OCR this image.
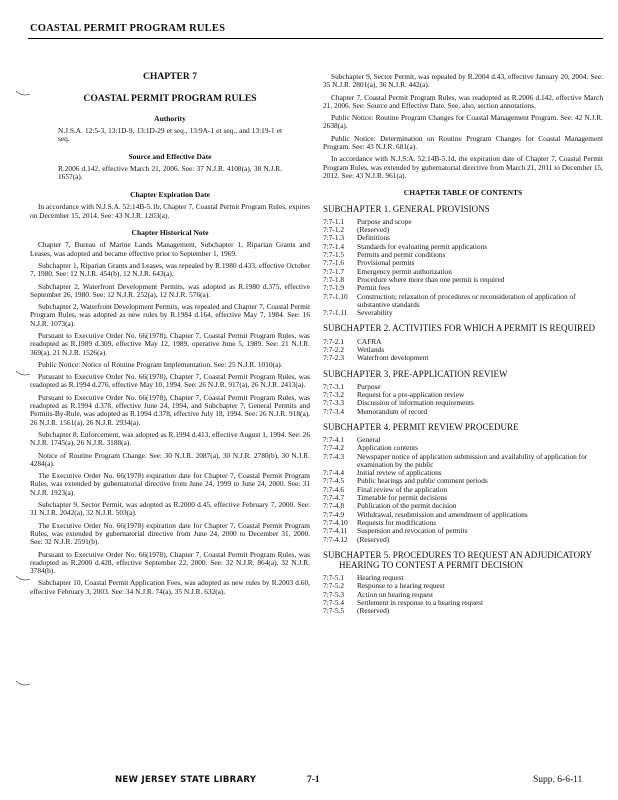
COASTAL PERMIT PROGRAM RULES
CHAPTER 7
COASTAL PERMIT PROGRAM RULES
Authority

N.J.S.A. 12:5-3, 13:1D-9, 13:1D-29 et seq., 13:9A-1 et seq., and 13:19-1 et seq.

Source and Effective Date

R.2006 d.142, effective March 21, 2006. See: 37 N.J.R. 4108(a), 38 N.J.R. 1657(a).

Chapter Expiration Date

In accordance with N.J.S.A. 52:14B-5.1b, Chapter 7, Coastal Permit Program Rules, expires on December 15, 2014. See: 43 N.J.R. 1203(a).

Chapter Historical Note

Chapter 7, Bureau of Marine Lands Management, Subchapter 1, Riparian Grants and Leases, was adopted and became effective prior to September 1, 1969.

Subchapter 1, Riparian Grants and Leases, was repealed by R.1980 d.433, effective October 7, 1980. See: 12 N.J.R. 454(b), 12 N.J.R. 643(a).

Subchapter 2, Waterfront Development Permits, was adopted as R.1980 d.375, effective September 26, 1980. See: 12 N.J.R. 252(a), 12 N.J.R. 576(a).

Subchapter 2, Waterfront Development Permits, was repealed and Chapter 7, Coastal Permit Program Rules, was adopted as new rules by R.1984 d.164, effective May 7, 1984. See: 16 N.J.R. 1073(a).

Pursuant to Executive Order No. 66(1978), Chapter 7, Coastal Permit Program Rules, was readopted as R.1989 d.309, effective May 12, 1989, operative June 5, 1989. See: 21 N.J.R. 369(a), 21 N.J.R. 1526(a).

Public Notice: Notice of Routine Program Implementation. See: 25 N.J.R. 1010(a).

Pursuant to Executive Order No. 66(1978), Chapter 7, Coastal Permit Program Rules, was readopted as R.1994 d.276, effective May 10, 1994. See: 26 N.J.R. 917(a), 26 N.J.R. 2413(a).

Pursuant to Executive Order No. 66(1978), Chapter 7, Coastal Permit Program Rules, was readopted as R.1994 d.378, effective June 24, 1994, and Subchapter 7, General Permits and Permits-By-Rule, was adopted as R.1994 d.378, effective July 18, 1994. See: 26 N.J.R. 918(a), 26 N.J.R. 1561(a), 26 N.J.R. 2934(a).

Subchapter 8, Enforcement, was adopted as R.1994 d.413, effective August 1, 1994. See: 26 N.J.R. 1745(a), 26 N.J.R. 3188(a).

Notice of Routine Program Change. See: 30 N.J.R. 2087(a), 30 N.J.R. 2780(b), 30 N.J.R. 4284(a).

The Executive Order No. 66(1978) expiration date for Chapter 7, Coastal Permit Program Rules, was extended by gubernatorial directive from June 24, 1999 to June 24, 2000. See: 31 N.J.R. 1923(a).

Subchapter 9, Sector Permit, was adopted as R.2000 d.45, effective February 7, 2000. See: 31 N.J.R. 2042(a), 32 N.J.R. 503(a).

The Executive Order No. 66(1978) expiration date for Chapter 7, Coastal Permit Program Rules, was extended by gubernatorial directive from June 24, 2000 to December 31, 2000. See: 32 N.J.R. 2591(b).

Pursuant to Executive Order No. 66(1978), Chapter 7, Coastal Permit Program Rules, was readopted as R.2000 d.428, effective September 22, 2000. See: 32 N.J.R. 864(a), 32 N.J.R. 3784(b).

Subchapter 10, Coastal Permit Application Fees, was adopted as new rules by R.2003 d.60, effective February 3, 2003. See: 34 N.J.R. 74(a), 35 N.J.R. 632(a).

Subchapter 9, Sector Permit, was repealed by R.2004 d.43, effective January 20, 2004. See: 35 N.J.R. 2801(a), 36 N.J.R. 442(a).

Chapter 7, Coastal Permit Program Rules, was readopted as R.2006 d.142, effective March 21, 2006. See: Source and Effective Date. See, also, section annotations.

Public Notice: Routine Program Changes for Coastal Management Program. See: 42 N.J.R. 2638(a).

Public Notice: Determination on Routine Program Changes for Coastal Management Program. See: 43 N.J.R. 681(a).

In accordance with N.J.S.A. 52:14B-5.1d, the expiration date of Chapter 7, Coastal Permit Program Rules, was extended by gubernatorial directive from March 21, 2011 to December 15, 2012. See: 43 N.J.R. 961(a).

CHAPTER TABLE OF CONTENTS
SUBCHAPTER 1. GENERAL PROVISIONS
7:7-1.1	Purpose and scope
7:7-1.2	(Reserved)
7:7-1.3	Definitions
7:7-1.4	Standards for evaluating permit applications
7:7-1.5	Permits and permit conditions
7:7-1.6	Provisional permits
7:7-1.7	Emergency permit authorization
7:7-1.8	Procedure where more than one permit is required
7:7-1.9	Permit fees
7:7-1.10	Construction; relaxation of procedures or reconsideration of application of substantive standards
7:7-1.11	Severability
SUBCHAPTER 2. ACTIVITIES FOR WHICH A PERMIT IS REQUIRED
7:7-2.1	CAFRA
7:7-2.2	Wetlands
7:7-2.3	Waterfront development
SUBCHAPTER 3. PRE-APPLICATION REVIEW
7:7-3.1	Purpose
7:7-3.2	Request for a pre-application review
7:7-3.3	Discussion of information requirements
7:7-3.4	Memorandum of record
SUBCHAPTER 4. PERMIT REVIEW PROCEDURE
7:7-4.1	General
7:7-4.2	Application contents
7:7-4.3	Newspaper notice of application submission and availability of application for examination by the public
7:7-4.4	Initial review of applications
7:7-4.5	Public hearings and public comment periods
7:7-4.6	Final review of the application
7:7-4.7	Timetable for permit decisions
7:7-4.8	Publication of the permit decision
7:7-4.9	Withdrawal, resubmission and amendment of applications
7:7-4.10	Requests for modifications
7:7-4.11	Suspension and revocation of permits
7:7-4.12	(Reserved)
SUBCHAPTER 5. PROCEDURES TO REQUEST AN ADJUDICATORY HEARING TO CONTEST A PERMIT DECISION
7:7-5.1	Hearing request
7:7-5.2	Response to a hearing request
7:7-5.3	Action on hearing request
7:7-5.4	Settlement in response to a hearing request
7:7-5.5	(Reserved)
NEW JERSEY STATE LIBRARY	7-1	Supp. 6-6-11
